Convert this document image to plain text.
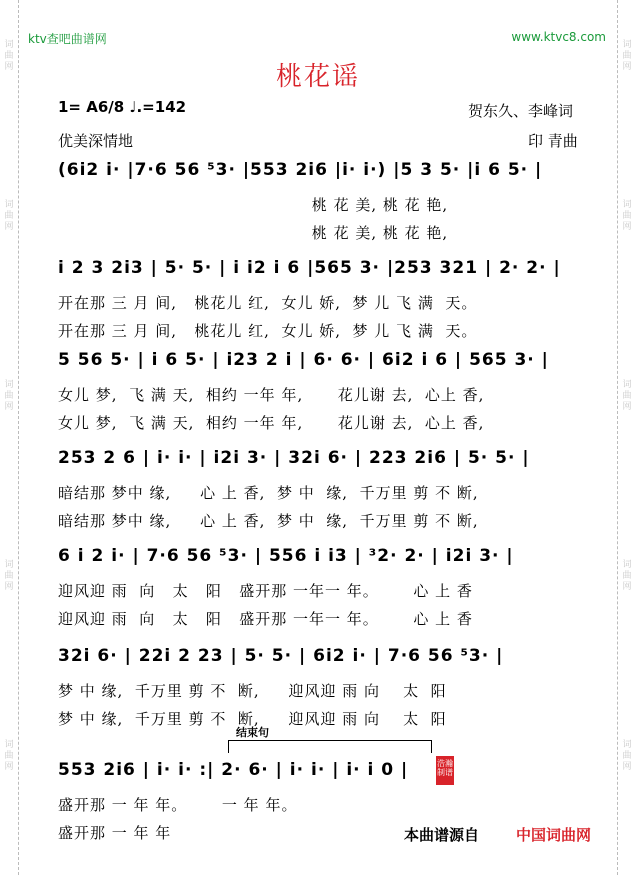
词曲网
词曲网
词曲网
词曲网
词曲网
词曲网
词曲网
词曲网
词曲网
词曲网
ktv查吧曲谱网	www.ktvc8.com
桃花谣
1= A6/8 ♩.=142	贺东久、李峰词
优美深情地	印 青曲
(6i2 i· |7·6 56 ⁵3· |553 2i6 |i· i·) |5 3 5· |i 6 5· |
桃 花 美, 桃 花 艳,
桃 花 美, 桃 花 艳,
i 2 3 2i3 | 5· 5· | i i2 i 6 |565 3· |253 321 | 2· 2· |
开在那 三 月 间,   桃花儿 红,  女儿 娇,  梦 儿 飞 满  天。
开在那 三 月 间,   桃花儿 红,  女儿 娇,  梦 儿 飞 满  天。
5 56 5· | i 6 5· | i23 2 i | 6· 6· | 6i2 i 6 | 565 3· |
女儿 梦,  飞 满 天,  相约 一年 年,      花儿谢 去,  心上 香,
女儿 梦,  飞 满 天,  相约 一年 年,      花儿谢 去,  心上 香,
253 2 6 | i· i· | i2i 3· | 32i 6· | 223 2i6 | 5· 5· |
暗结那 梦中 缘,     心 上 香,  梦 中  缘,  千万里 剪 不 断,
暗结那 梦中 缘,     心 上 香,  梦 中  缘,  千万里 剪 不 断,
6 i 2 i· | 7·6 56 ⁵3· | 556 i i3 | ³2· 2· | i2i 3· |
迎风迎 雨  向   太   阳   盛开那 一年一 年。      心 上 香
迎风迎 雨  向   太   阳   盛开那 一年一 年。      心 上 香
32i 6· | 22i 2 23 | 5· 5· | 6i2 i· | 7·6 56 ⁵3· |
梦 中 缘,  千万里 剪 不  断,     迎风迎 雨 向    太  阳
梦 中 缘,  千万里 剪 不  断,     迎风迎 雨 向    太  阳
结束句
553 2i6 | i· i· :| 2· 6· | i· i· | i· i 0 |
盛开那 一 年 年。      一 年 年。
盛开那 一 年 年
浩瀚制谱
本曲谱源自 中国词曲网
